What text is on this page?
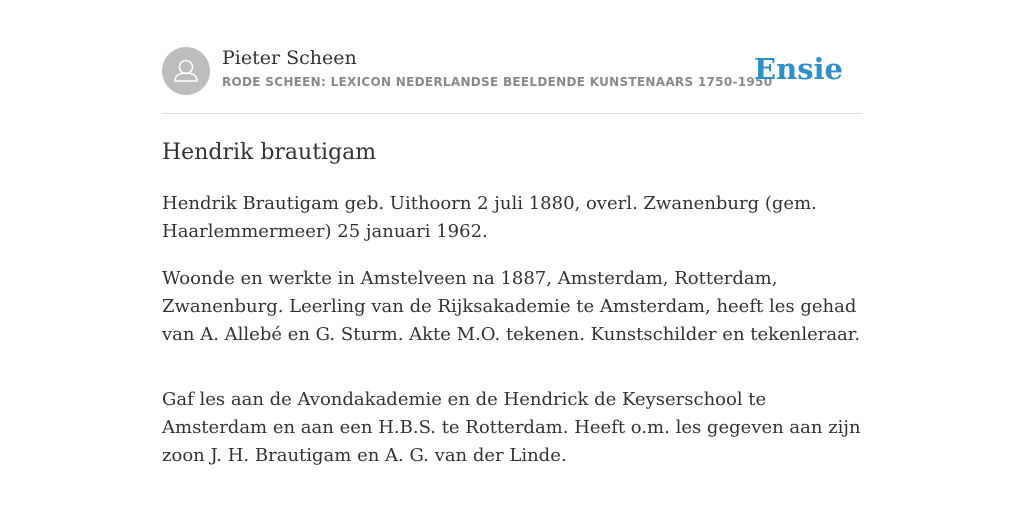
Pieter Scheen
RODE SCHEEN: LEXICON NEDERLANDSE BEELDENDE KUNSTENAARS 1750-1950
Ensie
Hendrik brautigam

Hendrik Brautigam geb. Uithoorn 2 juli 1880, overl. Zwanenburg (gem. Haarlemmermeer) 25 januari 1962.

Woonde en werkte in Amstelveen na 1887, Amsterdam, Rotterdam, Zwanenburg. Leerling van de Rijksakademie te Amsterdam, heeft les gehad van A. Allebé en G. Sturm. Akte M.O. tekenen. Kunstschilder en tekenleraar.

Gaf les aan de Avondakademie en de Hendrick de Keyserschool te Amsterdam en aan een H.B.S. te Rotterdam. Heeft o.m. les gegeven aan zijn zoon J. H. Brautigam en A. G. van der Linde.
